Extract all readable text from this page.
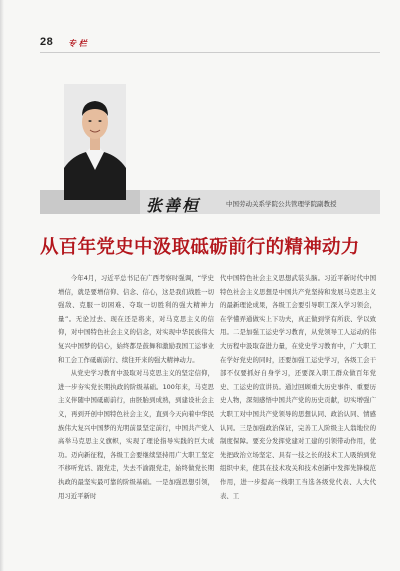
28 专 栏
张善桓	中国劳动关系学院公共管理学院副教授
从百年党史中汲取砥砺前行的精神动力

今年4月，习近平总书记在广西考察时强调，“学史增信，就是要增信仰、信念、信心，这是我们战胜一切强敌、克服一切困难、夺取一切胜利的强大精神力量”。无论过去、现在还是将来，对马克思主义的信仰，对中国特色社会主义的信念，对实现中华民族伟大复兴中国梦的信心，始终都是鼓舞和激励我国工运事业和工会工作砥砺前行、续往开来的强大精神动力。

从党史学习教育中汲取对马克思主义的坚定信仰，进一步夯实党长期执政的阶级基础。100年来，马克思主义伴随中国砥砺前行，由胚胎到成熟，到建设社会主义，再到开创中国特色社会主义，直到今天向着中华民族伟大复兴中国梦的光明前景坚定前行，中国共产党人高举马克思主义旗帜，实现了理论指导实践的巨大成功。迈向新征程，各级工会要继续坚持用广大职工坚定不移听党话、跟党走，失去不渝跟党走，始终做党长期执政的最坚实最可靠的阶级基础。一是加强思想引领，用习近平新时

代中国特色社会主义思想武装头脑。习近平新时代中国特色社会主义思想是中国共产党坚持和发展马克思主义的最新理论成果，各级工会要引导职工深入学习领会，在学懂弄通做实上下功夫，真正做到学有所获、学以致用。二是加强工运史学习教育，从党领导工人运动的伟大历程中汲取奋进力量，在党史学习教育中，广大职工在学好党史的同时，还要加强工运史学习，各级工会干部不仅要抓好自身学习，还要深入职工群众做百年党史、工运史的宣讲员。通过回顾重大历史事件、重要历史人物，深刻感悟中国共产党的历史贡献，切实增强广大职工对中国共产党领导的思想认同、政治认同、情感认同。三是加强政治保证，完善工人阶级主人翁地位的制度保障。要充分发挥党建对工建的引领带动作用，优先把政治立场坚定、具有一技之长的技术工人吸纳到党组织中来，使其在技术攻关和技术创新中发挥先锋模范作用，进一步提高一线职工当选各级党代表、人大代表、工
